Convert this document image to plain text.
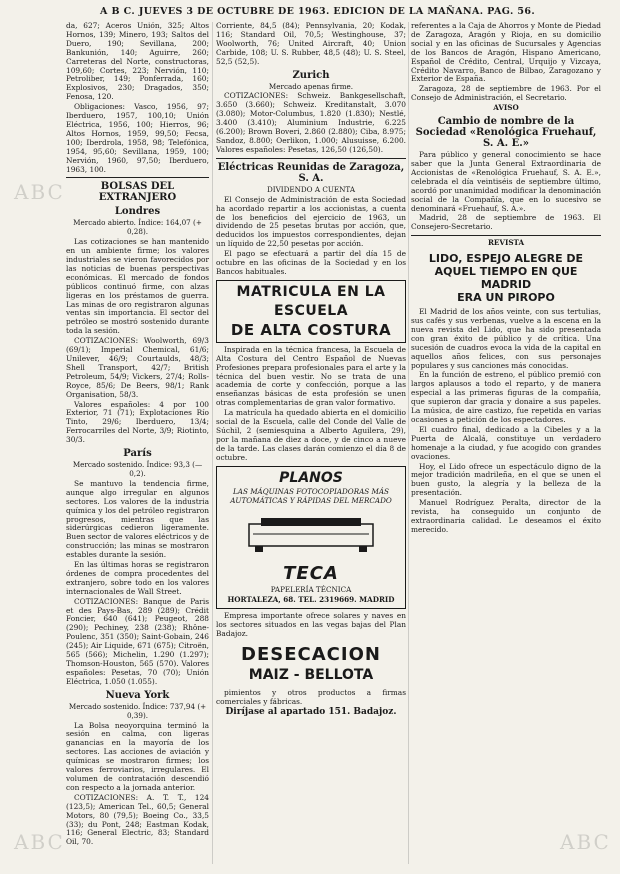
A B C. JUEVES 3 DE OCTUBRE DE 1963. EDICION DE LA MAÑANA. PAG. 56.

da, 627; Aceros Unión, 325; Altos Hornos, 139; Minero, 193; Saltos del Duero, 190; Sevillana, 200; Bankunión, 140; Aguirre, 260; Carreteras del Norte, constructoras, 109,60; Cortes, 223; Nervión, 110; Petroliber, 149; Ponferrada, 160; Explosivos, 230; Dragados, 350; Fenosa, 120.

Obligaciones: Vasco, 1956, 97; Iberduero, 1957, 100,10; Unión Eléctrica, 1956, 100; Hierros, 96; Altos Hornos, 1959, 99,50; Fecsa, 100; Iberdrola, 1958, 98; Telefónica, 1954, 95,60; Sevillana, 1959, 100; Nervión, 1960, 97,50; Iberduero, 1963, 100.

BOLSAS DEL EXTRANJERO
Londres
Mercado abierto. Índice: 164,07 (+ 0,28).

Las cotizaciones se han mantenido en un ambiente firme; los valores industriales se vieron favorecidos por las noticias de buenas perspectivas económicas. El mercado de fondos públicos continuó firme, con alzas ligeras en los préstamos de guerra. Las minas de oro registraron algunas ventas sin importancia. El sector del petróleo se mostró sostenido durante toda la sesión.

COTIZACIONES: Woolworth, 69/3 (69/1); Imperial Chemical, 61/6; Unilever, 46/9; Courtaulds, 48/3; Shell Transport, 42/7; British Petroleum, 54/9; Vickers, 27/4; Rolls-Royce, 85/6; De Beers, 98/1; Rank Organisation, 58/3.

Valores españoles: 4 por 100 Exterior, 71 (71); Explotaciones Río Tinto, 29/6; Iberduero, 13/4; Ferrocarriles del Norte, 3/9; Riotinto, 30/3.

París
Mercado sostenido. Índice: 93,3 (— 0,2).

Se mantuvo la tendencia firme, aunque algo irregular en algunos sectores. Los valores de la industria química y los del petróleo registraron progresos, mientras que las siderúrgicas cedieron ligeramente. Buen sector de valores eléctricos y de construcción; las minas se mostraron estables durante la sesión.

En las últimas horas se registraron órdenes de compra procedentes del extranjero, sobre todo en los valores internacionales de Wall Street.

COTIZACIONES: Banque de Paris et des Pays-Bas, 289 (289); Crédit Foncier, 640 (641); Peugeot, 288 (290); Pechiney, 238 (238); Rhône-Poulenc, 351 (350); Saint-Gobain, 246 (245); Air Liquide, 671 (675); Citroën, 565 (566); Michelin, 1.290 (1.297); Thomson-Houston, 565 (570). Valores españoles: Pesetas, 70 (70); Unión Eléctrica, 1.050 (1.055).

Nueva York
Mercado sostenido. Índice: 737,94 (+ 0,39).

La Bolsa neoyorquina terminó la sesión en calma, con ligeras ganancias en la mayoría de los sectores. Las acciones de aviación y químicas se mostraron firmes; los valores ferroviarios, irregulares. El volumen de contratación descendió con respecto a la jornada anterior.

COTIZACIONES: A. T. T., 124 (123,5); American Tel., 60,5; General Motors, 80 (79,5); Boeing Co., 33,5 (33); du Pont, 248; Eastman Kodak, 116; General Electric, 83; Standard Oil, 70.

Corriente, 84,5 (84); Pennsylvania, 20; Kodak, 116; Standard Oil, 70,5; Westinghouse, 37; Woolworth, 76; United Aircraft, 40; Union Carbide, 108; U. S. Rubber, 48,5 (48); U. S. Steel, 52,5 (52,5).

Zurich
Mercado apenas firme.

COTIZACIONES: Schweiz. Bankgesellschaft, 3.650 (3.660); Schweiz. Kreditanstalt, 3.070 (3.080); Motor-Columbus, 1.820 (1.830); Nestlé, 3.400 (3.410); Aluminium Industrie, 6.225 (6.200); Brown Boveri, 2.860 (2.880); Ciba, 8.975; Sandoz, 8.800; Oerlikon, 1.000; Alusuisse, 6.200. Valores españoles: Pesetas, 126,50 (126,50).

Eléctricas Reunidas de Zaragoza, S. A.
DIVIDENDO A CUENTA

El Consejo de Administración de esta Sociedad ha acordado repartir a los accionistas, a cuenta de los beneficios del ejercicio de 1963, un dividendo de 25 pesetas brutas por acción, que, deducidos los impuestos correspondientes, dejan un líquido de 22,50 pesetas por acción.

El pago se efectuará a partir del día 15 de octubre en las oficinas de la Sociedad y en los Bancos habituales.

MATRICULA EN LA ESCUELA
DE ALTA COSTURA

Inspirada en la técnica francesa, la Escuela de Alta Costura del Centro Español de Nuevas Profesiones prepara profesionales para el arte y la técnica del buen vestir. No se trata de una academia de corte y confección, porque a las enseñanzas básicas de esta profesión se unen otras complementarias de gran valor formativo.

La matrícula ha quedado abierta en el domicilio social de la Escuela, calle del Conde del Valle de Súchil, 2 (semiesquina a Alberto Aguilera, 29), por la mañana de diez a doce, y de cinco a nueve de la tarde. Las clases darán comienzo el día 8 de octubre.

PLANOS
LAS MÁQUINAS FOTOCOPIADORAS MÁS AUTOMÁTICAS Y RÁPIDAS DEL MERCADO
TECA
PAPELERÍA TÉCNICA
HORTALEZA, 68. TEL. 2319669. MADRID

Empresa importante ofrece solares y naves en los sectores situados en las vegas bajas del Plan Badajoz.

DESECACION
MAIZ - BELLOTA

pimientos y otros productos a firmas comerciales y fábricas.

Diríjase al apartado 151. Badajoz.

referentes a la Caja de Ahorros y Monte de Piedad de Zaragoza, Aragón y Rioja, en su domicilio social y en las oficinas de Sucursales y Agencias de los Bancos de Aragón, Hispano Americano, Español de Crédito, Central, Urquijo y Vizcaya, Crédito Navarro, Banco de Bilbao, Zaragozano y Exterior de España.

Zaragoza, 28 de septiembre de 1963. Por el Consejo de Administración, el Secretario.

AVISO
Cambio de nombre de la Sociedad «Renológica Fruehauf, S. A. E.»

Para público y general conocimiento se hace saber que la Junta General Extraordinaria de Accionistas de «Renológica Fruehauf, S. A. E.», celebrada el día veintiséis de septiembre último, acordó por unanimidad modificar la denominación social de la Compañía, que en lo sucesivo se denominará «Fruehauf, S. A.».

Madrid, 28 de septiembre de 1963. El Consejero-Secretario.

REVISTA
LIDO, ESPEJO ALEGRE DE
AQUEL TIEMPO EN QUE MADRID
ERA UN PIROPO

El Madrid de los años veinte, con sus tertulias, sus cafés y sus verbenas, vuelve a la escena en la nueva revista del Lido, que ha sido presentada con gran éxito de público y de crítica. Una sucesión de cuadros evoca la vida de la capital en aquellos años felices, con sus personajes populares y sus canciones más conocidas.

En la función de estreno, el público premió con largos aplausos a todo el reparto, y de manera especial a las primeras figuras de la compañía, que supieron dar gracia y donaire a sus papeles. La música, de aire castizo, fue repetida en varias ocasiones a petición de los espectadores.

El cuadro final, dedicado a la Cibeles y a la Puerta de Alcalá, constituye un verdadero homenaje a la ciudad, y fue acogido con grandes ovaciones.

Hoy, el Lido ofrece un espectáculo digno de la mejor tradición madrileña, en el que se unen el buen gusto, la alegría y la belleza de la presentación.

Manuel Rodríguez Peralta, director de la revista, ha conseguido un conjunto de extraordinaria calidad. Le deseamos el éxito merecido.

ABC
ABC	ABC
